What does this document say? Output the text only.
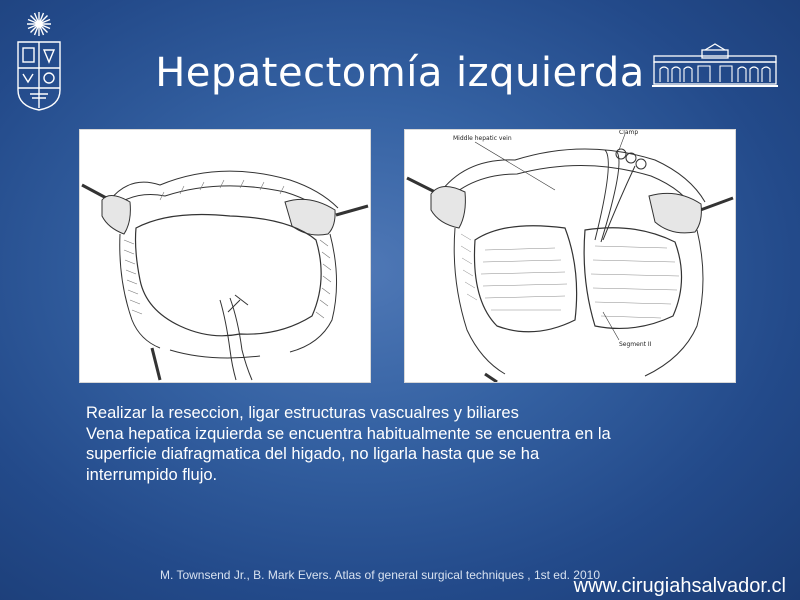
Hepatectomía izquierda
Middle hepatic vein
Clamp
Segment II
Realizar la reseccion, ligar estructuras vascualres y biliares
Vena hepatica izquierda se encuentra habitualmente se encuentra en la
superficie diafragmatica del higado, no ligarla hasta que se ha
interrumpido flujo.
M. Townsend Jr., B. Mark Evers. Atlas of general surgical techniques , 1st ed. 2010
www.cirugiahsalvador.cl
